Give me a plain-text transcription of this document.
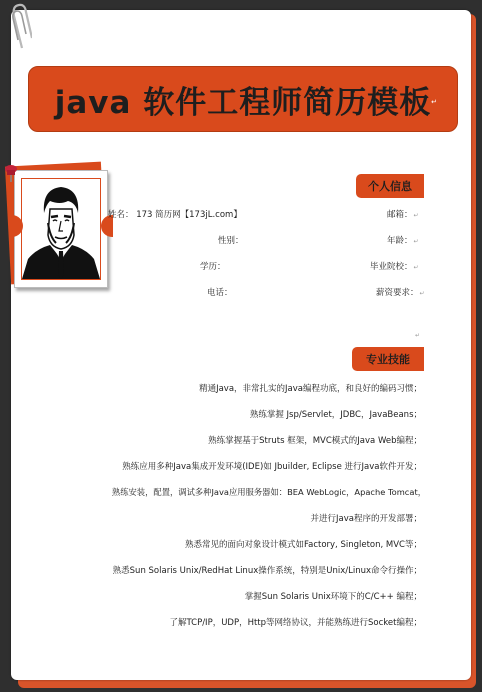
java 软件工程师简历模板 ↵
个人信息
姓名： 173 简历网【173jL.com】	邮箱：↵
性别：	年龄：↵
学历：	毕业院校：↵
电话：	薪资要求：↵
↵
专业技能
精通Java，非常扎实的Java编程功底，和良好的编码习惯；
熟练掌握 Jsp/Servlet，JDBC，JavaBeans；
熟练掌握基于Struts 框架，MVC模式的Java Web编程；
熟练应用多种Java集成开发环境(IDE)如 Jbuilder, Eclipse 进行Java软件开发；
熟练安装，配置，调试多种Java应用服务器如：BEA WebLogic，Apache Tomcat，
并进行Java程序的开发部署；
熟悉常见的面向对象设计模式如Factory, Singleton, MVC等；
熟悉Sun Solaris Unix/RedHat Linux操作系统，特别是Unix/Linux命令行操作；
掌握Sun Solaris Unix环境下的C/C++ 编程；
了解TCP/IP，UDP，Http等网络协议，并能熟练进行Socket编程；
